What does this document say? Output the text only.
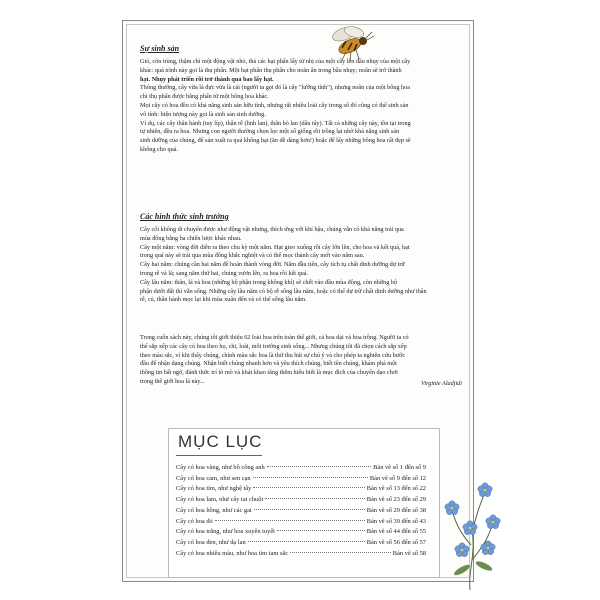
Sự sinh sản

Gió, côn trùng, thậm chí một động vật nhỏ, thả các hạt phấn lấy từ nhị của một cây lên đầu nhụy của một cây

khác: quá trình này gọi là thụ phấn. Một hạt phấn thụ phấn cho noãn ẩn trong bầu nhụy; noãn sẽ trở thành

hạt. Nhụy phát triển rồi trở thành quả bao lấy hạt.

Thông thường, cây vừa là đực vừa là cái (người ta gọi đó là cây "lưỡng tính"), nhưng noãn của một bông hoa

chỉ thụ phấn được bằng phấn từ một bông hoa khác.

Mọi cây có hoa đều có khả năng sinh sản hữu tính, nhưng rất nhiều loài cây trong số đó cũng có thể sinh sản

vô tính: hiện tượng này gọi là sinh sản sinh dưỡng.

Ví dụ, các cây thân hành (tuy líp), thân rễ (linh lan), thân bò lan (dâu tây). Tất cả những cây này, tồn tại trong

tự nhiên, đều ra hoa. Nhưng con người thường chọn lọc một số giống rồi trồng lại nhờ khả năng sinh sản

sinh dưỡng của chúng, để sản xuất ra quả không hạt (ăn dễ dàng hơn!) hoặc để lấy những bông hoa rất đẹp sẽ

không cho quả.

Các hình thức sinh trưởng

Cây cối không di chuyển được như động vật nhưng, thích ứng với khí hậu, chúng vẫn có khả năng trải qua

mùa đông bằng ba chiến lược khác nhau.

Cây một năm: vòng đời diễn ra theo chu kỳ một năm. Hạt gieo xuống rồi cây lớn lên, cho hoa và kết quả, hạt

trong quả này sẽ trải qua mùa đông khắc nghiệt và có thể mọc thành cây mới vào năm sau.

Cây hai năm: chúng cần hai năm để hoàn thành vòng đời. Năm đầu tiên, cây tích tụ chất dinh dưỡng dự trữ

trong rễ và lá; sang năm thứ hai, chúng vươn lên, ra hoa rồi kết quả.

Cây lâu năm: thân, lá và hoa (những bộ phận trong không khí) sẽ chết vào đầu mùa đông, còn những bộ

phận dưới đất thì vẫn sống. Những cây lâu năm có bộ rễ sống lâu năm, hoặc có thể dự trữ chất dinh dưỡng như thân

rễ, củ, thân hành mọc lại khi mùa xuân đến và có thể sống lâu năm.

Trong cuốn sách này, chúng tôi giới thiệu 62 loài hoa trên toàn thế giới, cả hoa dại và hoa trồng. Người ta có

thể sắp xếp các cây có hoa theo họ, chi, loài, môi trường sinh sống... Nhưng chúng tôi đã chọn cách sắp xếp

theo màu sắc, vì khi thấy chúng, chính màu sắc hoa là thứ thu hút sự chú ý và cho phép ta nghiên cứu bước

đầu để nhận dạng chúng. Nhận biết chúng nhanh hơn và yêu thích chúng, biết tên chúng, khám phá một

thông tin bất ngờ, đánh thức trí tò mò và khát khao tăng thêm hiểu biết là mục đích của chuyến dạo chơi

trong thế giới hoa lá này...	Virginie Aladjidi
MỤC LỤC
Cây có hoa vàng, như bồ công anh	Bản vẽ số 1 đến số 9
Cây có hoa cam, như sen cạn	Bản vẽ số 9 đến số 12
Cây có hoa tím, như nghệ tây	Bản vẽ số 13 đến số 22
Cây có hoa lam, như cây tai chuột	Bản vẽ số 23 đến số 29
Cây có hoa hồng, như các gai	Bản vẽ số 29 đến số 38
Cây có hoa đỏ	Bản vẽ số 39 đến số 43
Cây có hoa trắng, như hoa xuyên tuyết	Bản vẽ số 44 đến số 55
Cây có hoa đen, như dạ lan	Bản vẽ số 56 đến số 57
Cây có hoa nhiều màu, như hoa tím tam sắc	Bản vẽ số 58
